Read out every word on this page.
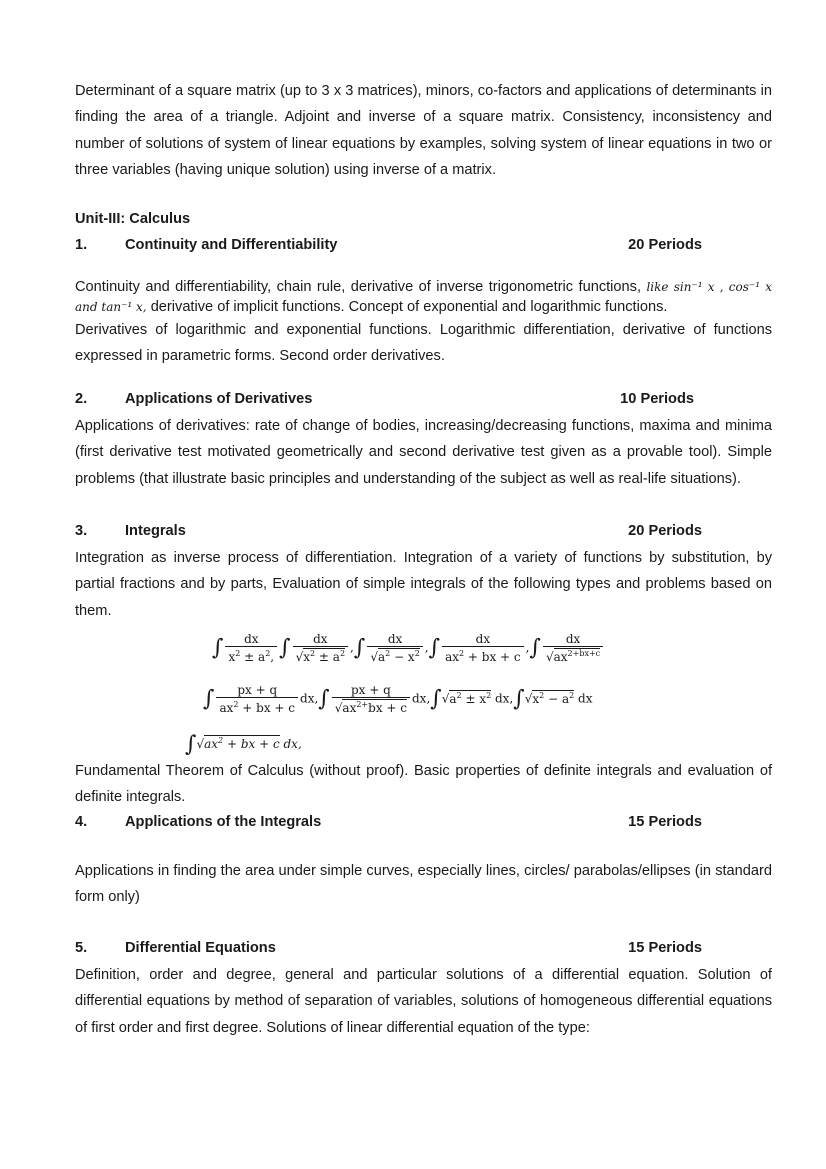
Determinant of a square matrix (up to 3 x 3 matrices), minors, co-factors and applications of determinants in finding the area of a triangle. Adjoint and inverse of a square matrix. Consistency, inconsistency and number of solutions of system of linear equations by examples, solving system of linear equations in two or three variables (having unique solution) using inverse of a matrix.

Unit-III: Calculus
1.	Continuity and Differentiability	20 Periods

Continuity and differentiability, chain rule, derivative of inverse trigonometric functions, like sin⁻¹ x , cos⁻¹ x and tan⁻¹ x, derivative of implicit functions. Concept of exponential and logarithmic functions.

Derivatives of logarithmic and exponential functions. Logarithmic differentiation, derivative of functions expressed in parametric forms. Second order derivatives.

2.	Applications of Derivatives	10 Periods

Applications of derivatives: rate of change of bodies, increasing/decreasing functions, maxima and minima (first derivative test motivated geometrically and second derivative test given as a provable tool). Simple problems (that illustrate basic principles and understanding of the subject as well as real-life situations).

3.	Integrals	20 Periods

Integration as inverse process of differentiation. Integration of a variety of functions by substitution, by partial fractions and by parts, Evaluation of simple integrals of the following types and problems based on them.

∫ $\frac{dx}{x^2 \pm a^2,}$ ∫ $\frac{dx}{√x^2 \pm a^2}$ ,∫ $\frac{dx}{√a^2 - x^2}$ ,∫ $\frac{dx}{ax^2 + bx + c}$ ,∫ $\frac{dx}{√ax^{2+bx+c}}$
∫ $\frac{px + q}{ax^2 + bx + c} dx,\int \frac{px + q}{√ax^{2+}bx + c} dx,\int√a^2 \pm x^2$ $dx,\int√x^2 - a^2$ dx
$\int√ax^2$ + bx + c dx,

Fundamental Theorem of Calculus (without proof). Basic properties of definite integrals and evaluation of definite integrals.

4.	Applications of the Integrals	15 Periods

Applications in finding the area under simple curves, especially lines, circles/ parabolas/ellipses (in standard form only)

5.	Differential Equations	15 Periods

Definition, order and degree, general and particular solutions of a differential equation. Solution of differential equations by method of separation of variables, solutions of homogeneous differential equations of first order and first degree. Solutions of linear differential equation of the type:
